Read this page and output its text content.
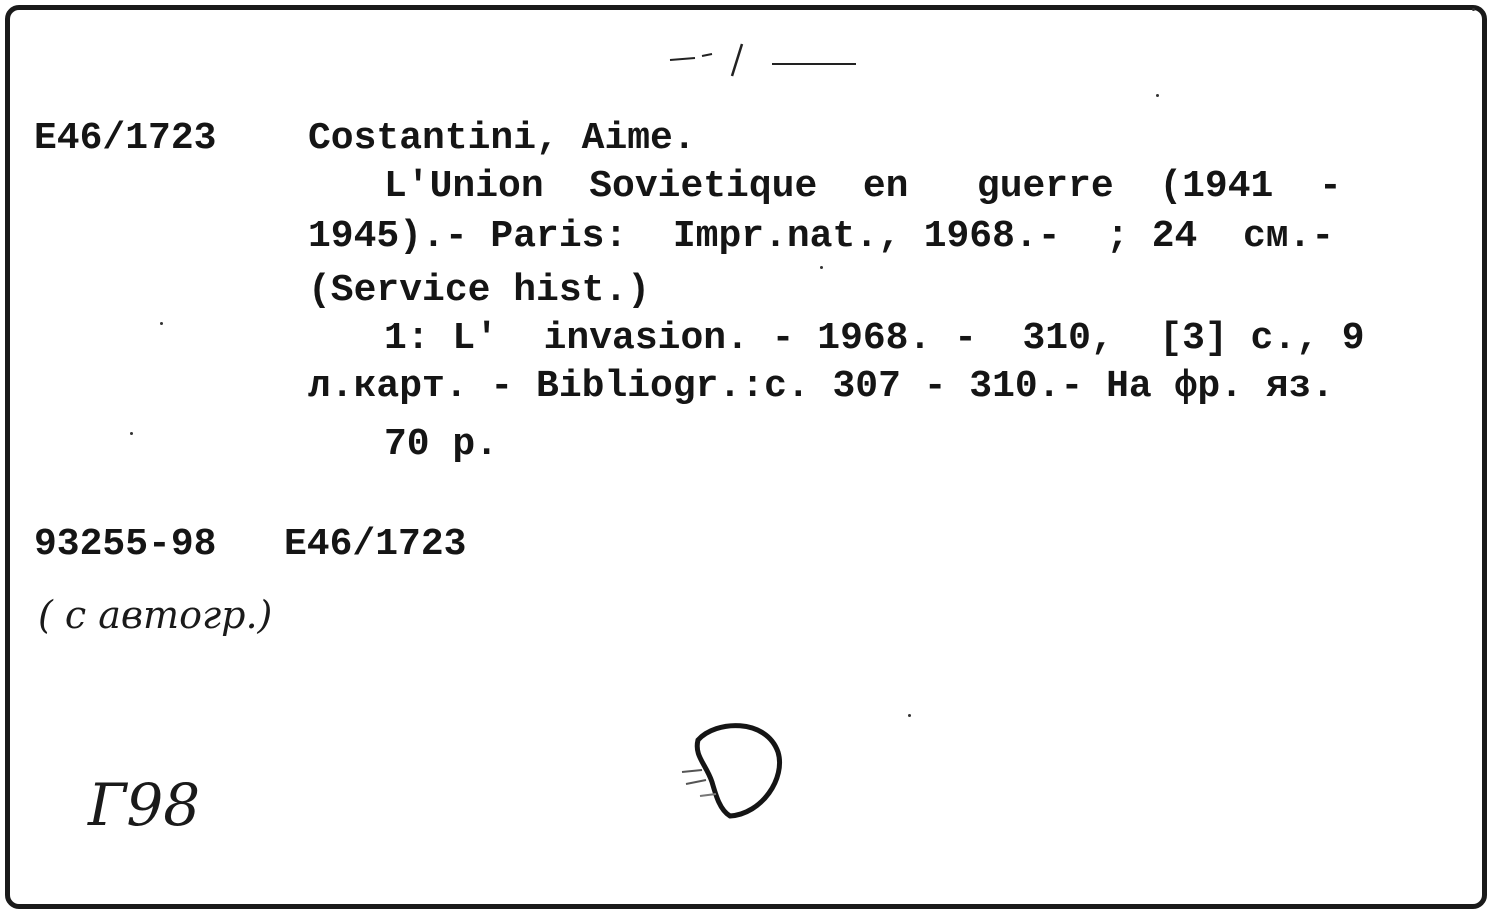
E46/1723 Costantini, Aime.
L'Union  Sovietique  en   guerre  (1941  -
1945).- Paris:  Impr.nat., 1968.-  ; 24  cм.-
(Service hist.)
1: L'  invasion. - 1968. -  310,  [3] c., 9
л.карт. - Bibliogr.:c. 307 - 310.- На фр. яз.
70 p.
93255-98 E46/1723
( с автогр.)
Г98
